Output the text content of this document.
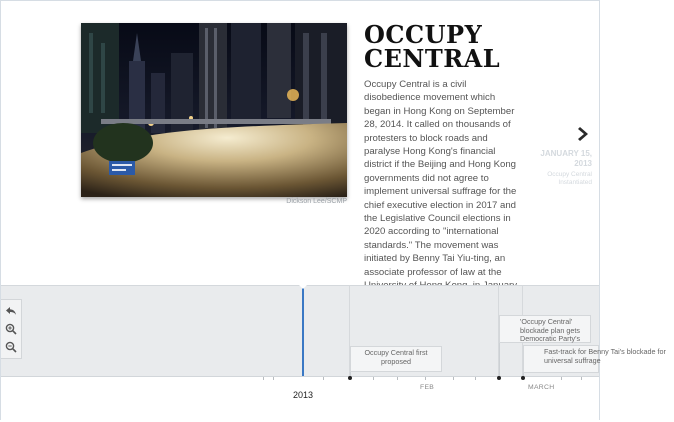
Dickson Lee/SCMP
OCCUPY CENTRAL
Occupy Central is a civil disobedience movement which began in Hong Kong on September 28, 2014. It called on thousands of protesters to block roads and paralyse Hong Kong's financial district if the Beijing and Hong Kong governments did not agree to implement universal suffrage for the chief executive election in 2017 and the Legislative Council elections in 2020 according to "international standards." The movement was initiated by Benny Tai Yiu-ting, an associate professor of law at the
JANUARY 15, 2013
Occupy Central Instantiated
Occupy Central first proposed
'Occupy Central' blockade plan gets Democratic Party's
Fast-track for Benny Tai's blockade for universal suffrage
2013
FEB	MARCH
